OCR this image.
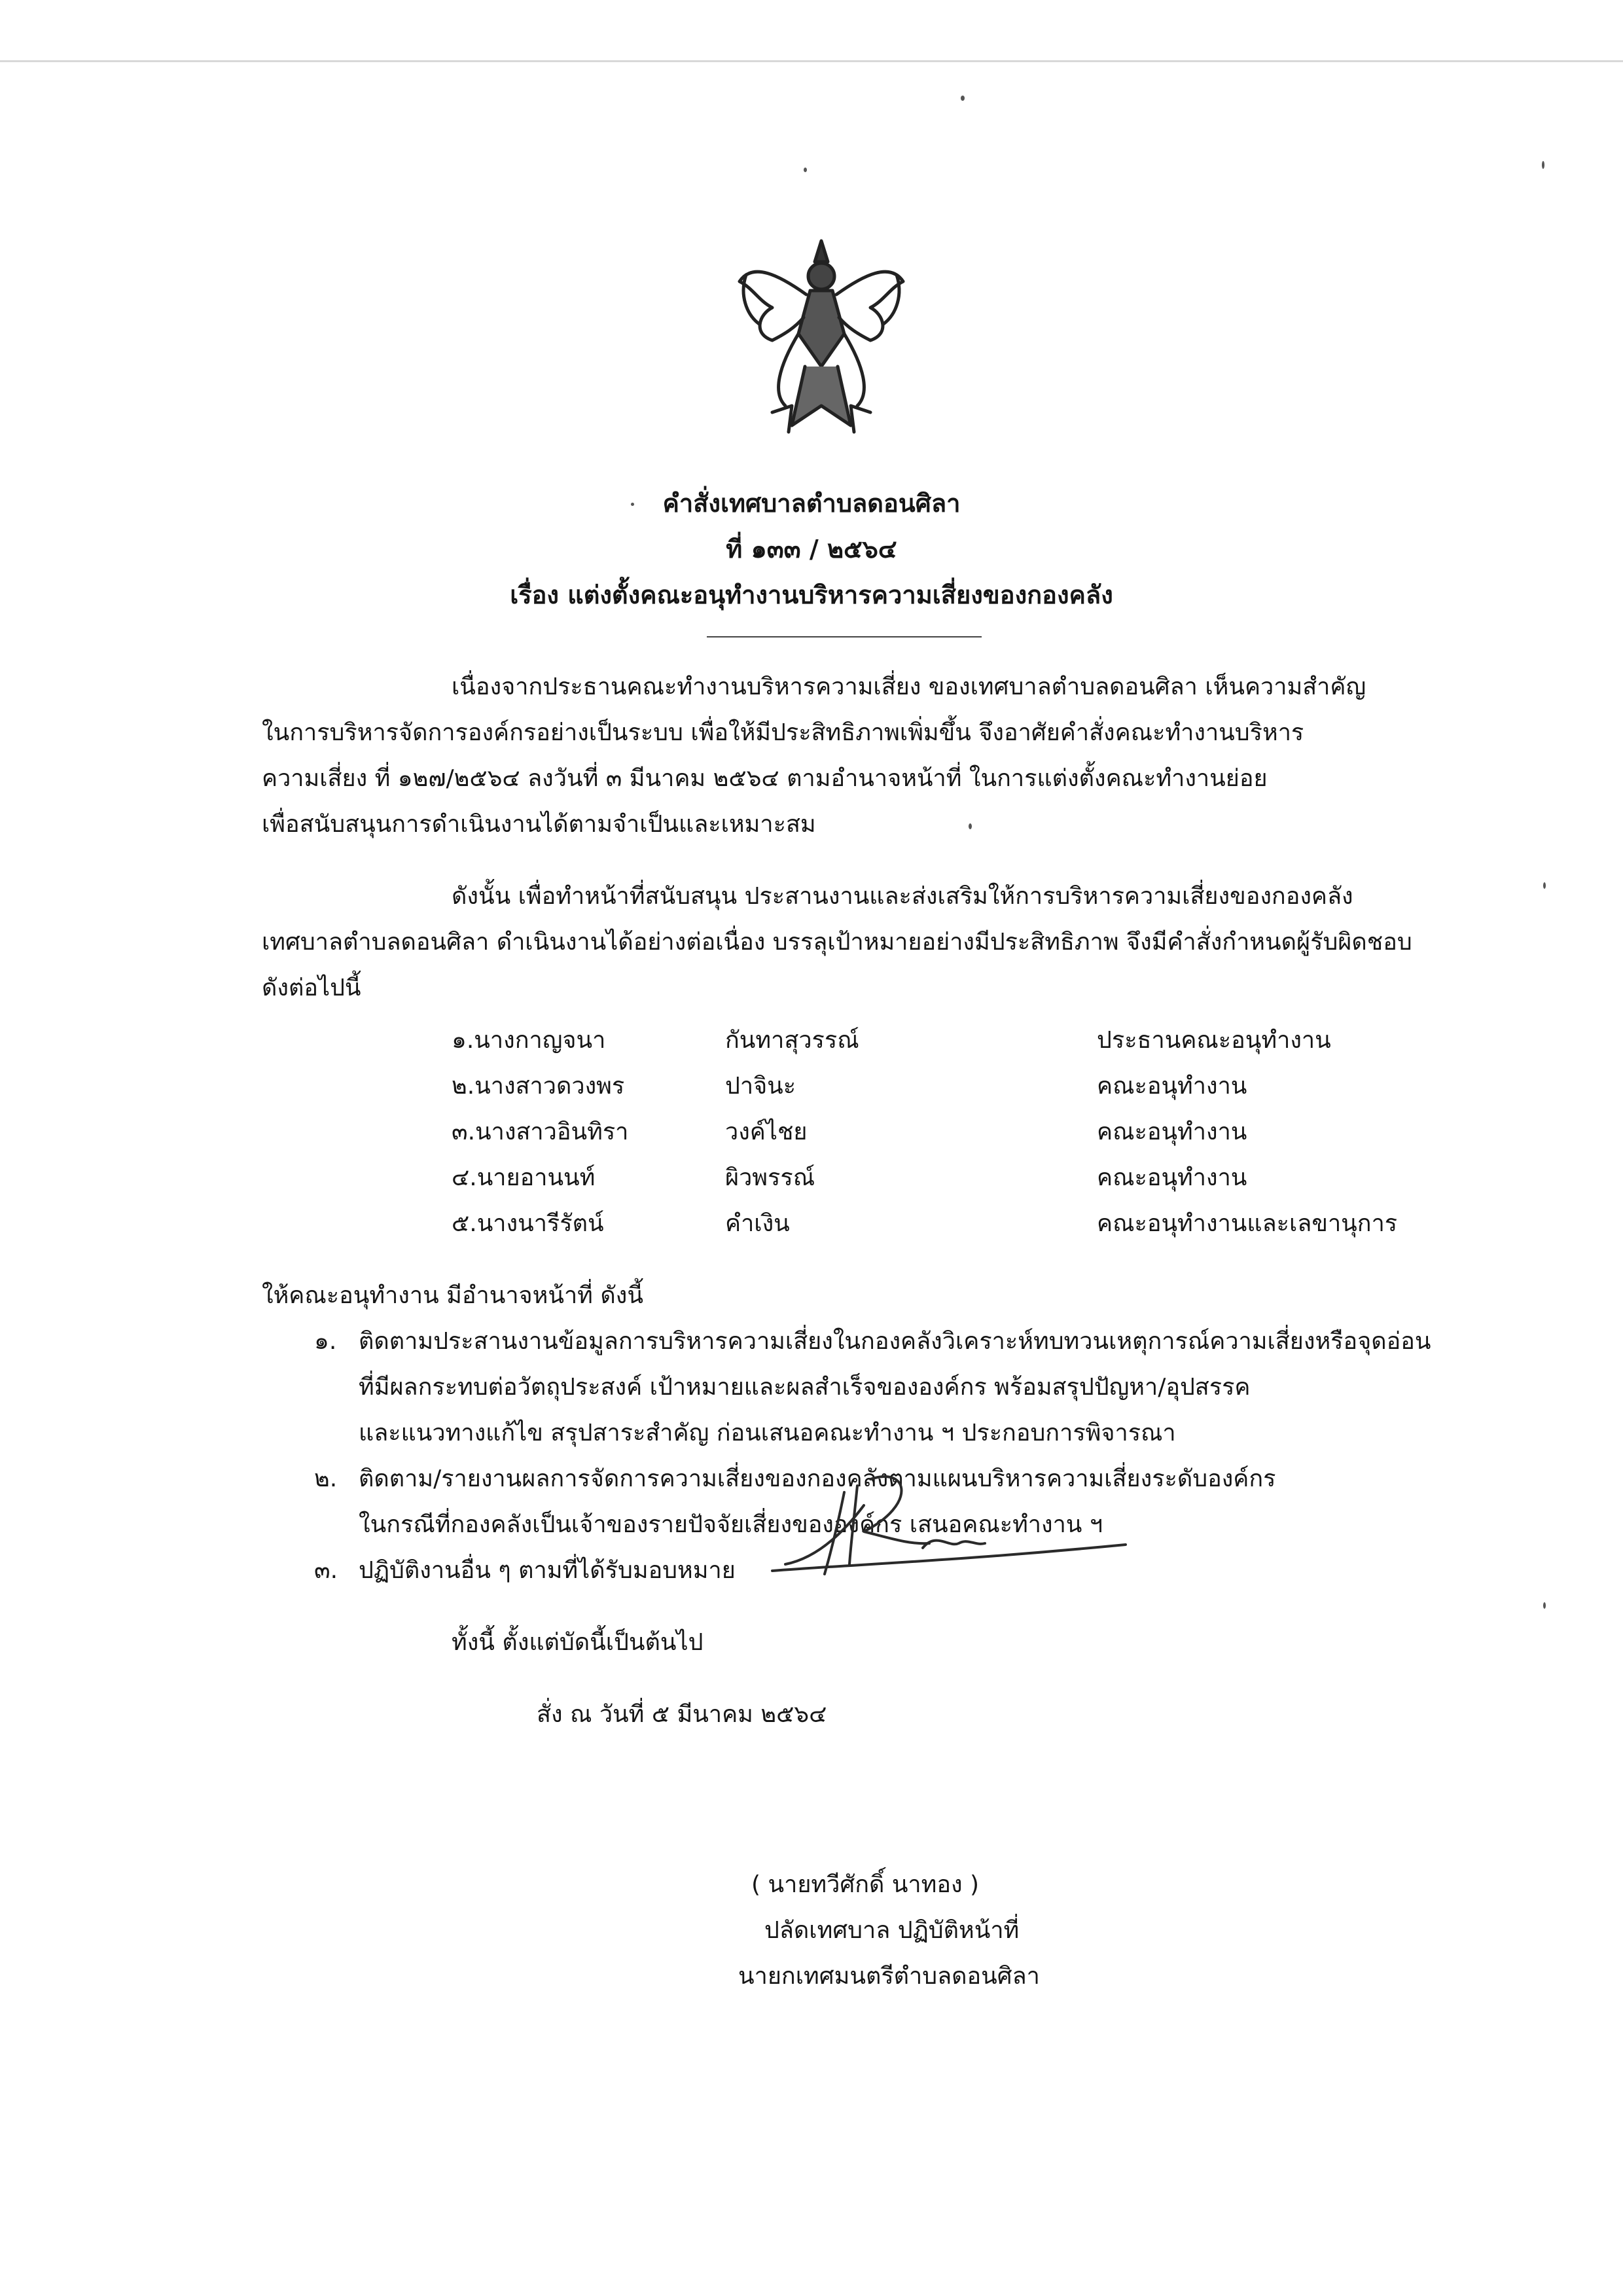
คำสั่งเทศบาลตำบลดอนศิลา
ที่ ๑๓๓ / ๒๕๖๔
เรื่อง แต่งตั้งคณะอนุทำงานบริหารความเสี่ยงของกองคลัง
เนื่องจากประธานคณะทำงานบริหารความเสี่ยง ของเทศบาลตำบลดอนศิลา เห็นความสำคัญ
ในการบริหารจัดการองค์กรอย่างเป็นระบบ เพื่อให้มีประสิทธิภาพเพิ่มขึ้น จึงอาศัยคำสั่งคณะทำงานบริหาร
ความเสี่ยง ที่ ๑๒๗/๒๕๖๔ ลงวันที่ ๓ มีนาคม ๒๕๖๔ ตามอำนาจหน้าที่ ในการแต่งตั้งคณะทำงานย่อย
เพื่อสนับสนุนการดำเนินงานได้ตามจำเป็นและเหมาะสม
ดังนั้น เพื่อทำหน้าที่สนับสนุน ประสานงานและส่งเสริมให้การบริหารความเสี่ยงของกองคลัง
เทศบาลตำบลดอนศิลา ดำเนินงานได้อย่างต่อเนื่อง บรรลุเป้าหมายอย่างมีประสิทธิภาพ จึงมีคำสั่งกำหนดผู้รับผิดชอบ
ดังต่อไปนี้
๑.นางกาญจนา	กันทาสุวรรณ์	ประธานคณะอนุทำงาน
๒.นางสาวดวงพร	ปาจินะ	คณะอนุทำงาน
๓.นางสาวอินทิรา	วงค์ไชย	คณะอนุทำงาน
๔.นายอานนท์	ผิวพรรณ์	คณะอนุทำงาน
๕.นางนารีรัตน์	คำเงิน	คณะอนุทำงานและเลขานุการ
ให้คณะอนุทำงาน มีอำนาจหน้าที่ ดังนี้
๑. ติดตามประสานงานข้อมูลการบริหารความเสี่ยงในกองคลังวิเคราะห์ทบทวนเหตุการณ์ความเสี่ยงหรือจุดอ่อน
ที่มีผลกระทบต่อวัตถุประสงค์ เป้าหมายและผลสำเร็จขององค์กร พร้อมสรุปปัญหา/อุปสรรค
และแนวทางแก้ไข สรุปสาระสำคัญ ก่อนเสนอคณะทำงาน ฯ ประกอบการพิจารณา
๒. ติดตาม/รายงานผลการจัดการความเสี่ยงของกองคลังตามแผนบริหารความเสี่ยงระดับองค์กร
ในกรณีที่กองคลังเป็นเจ้าของรายปัจจัยเสี่ยงขององค์กร เสนอคณะทำงาน ฯ
๓. ปฏิบัติงานอื่น ๆ ตามที่ได้รับมอบหมาย
ทั้งนี้ ตั้งแต่บัดนี้เป็นต้นไป
สั่ง ณ วันที่ ๕ มีนาคม ๒๕๖๔
( นายทวีศักดิ์ นาทอง )
ปลัดเทศบาล ปฏิบัติหน้าที่
นายกเทศมนตรีตำบลดอนศิลา
